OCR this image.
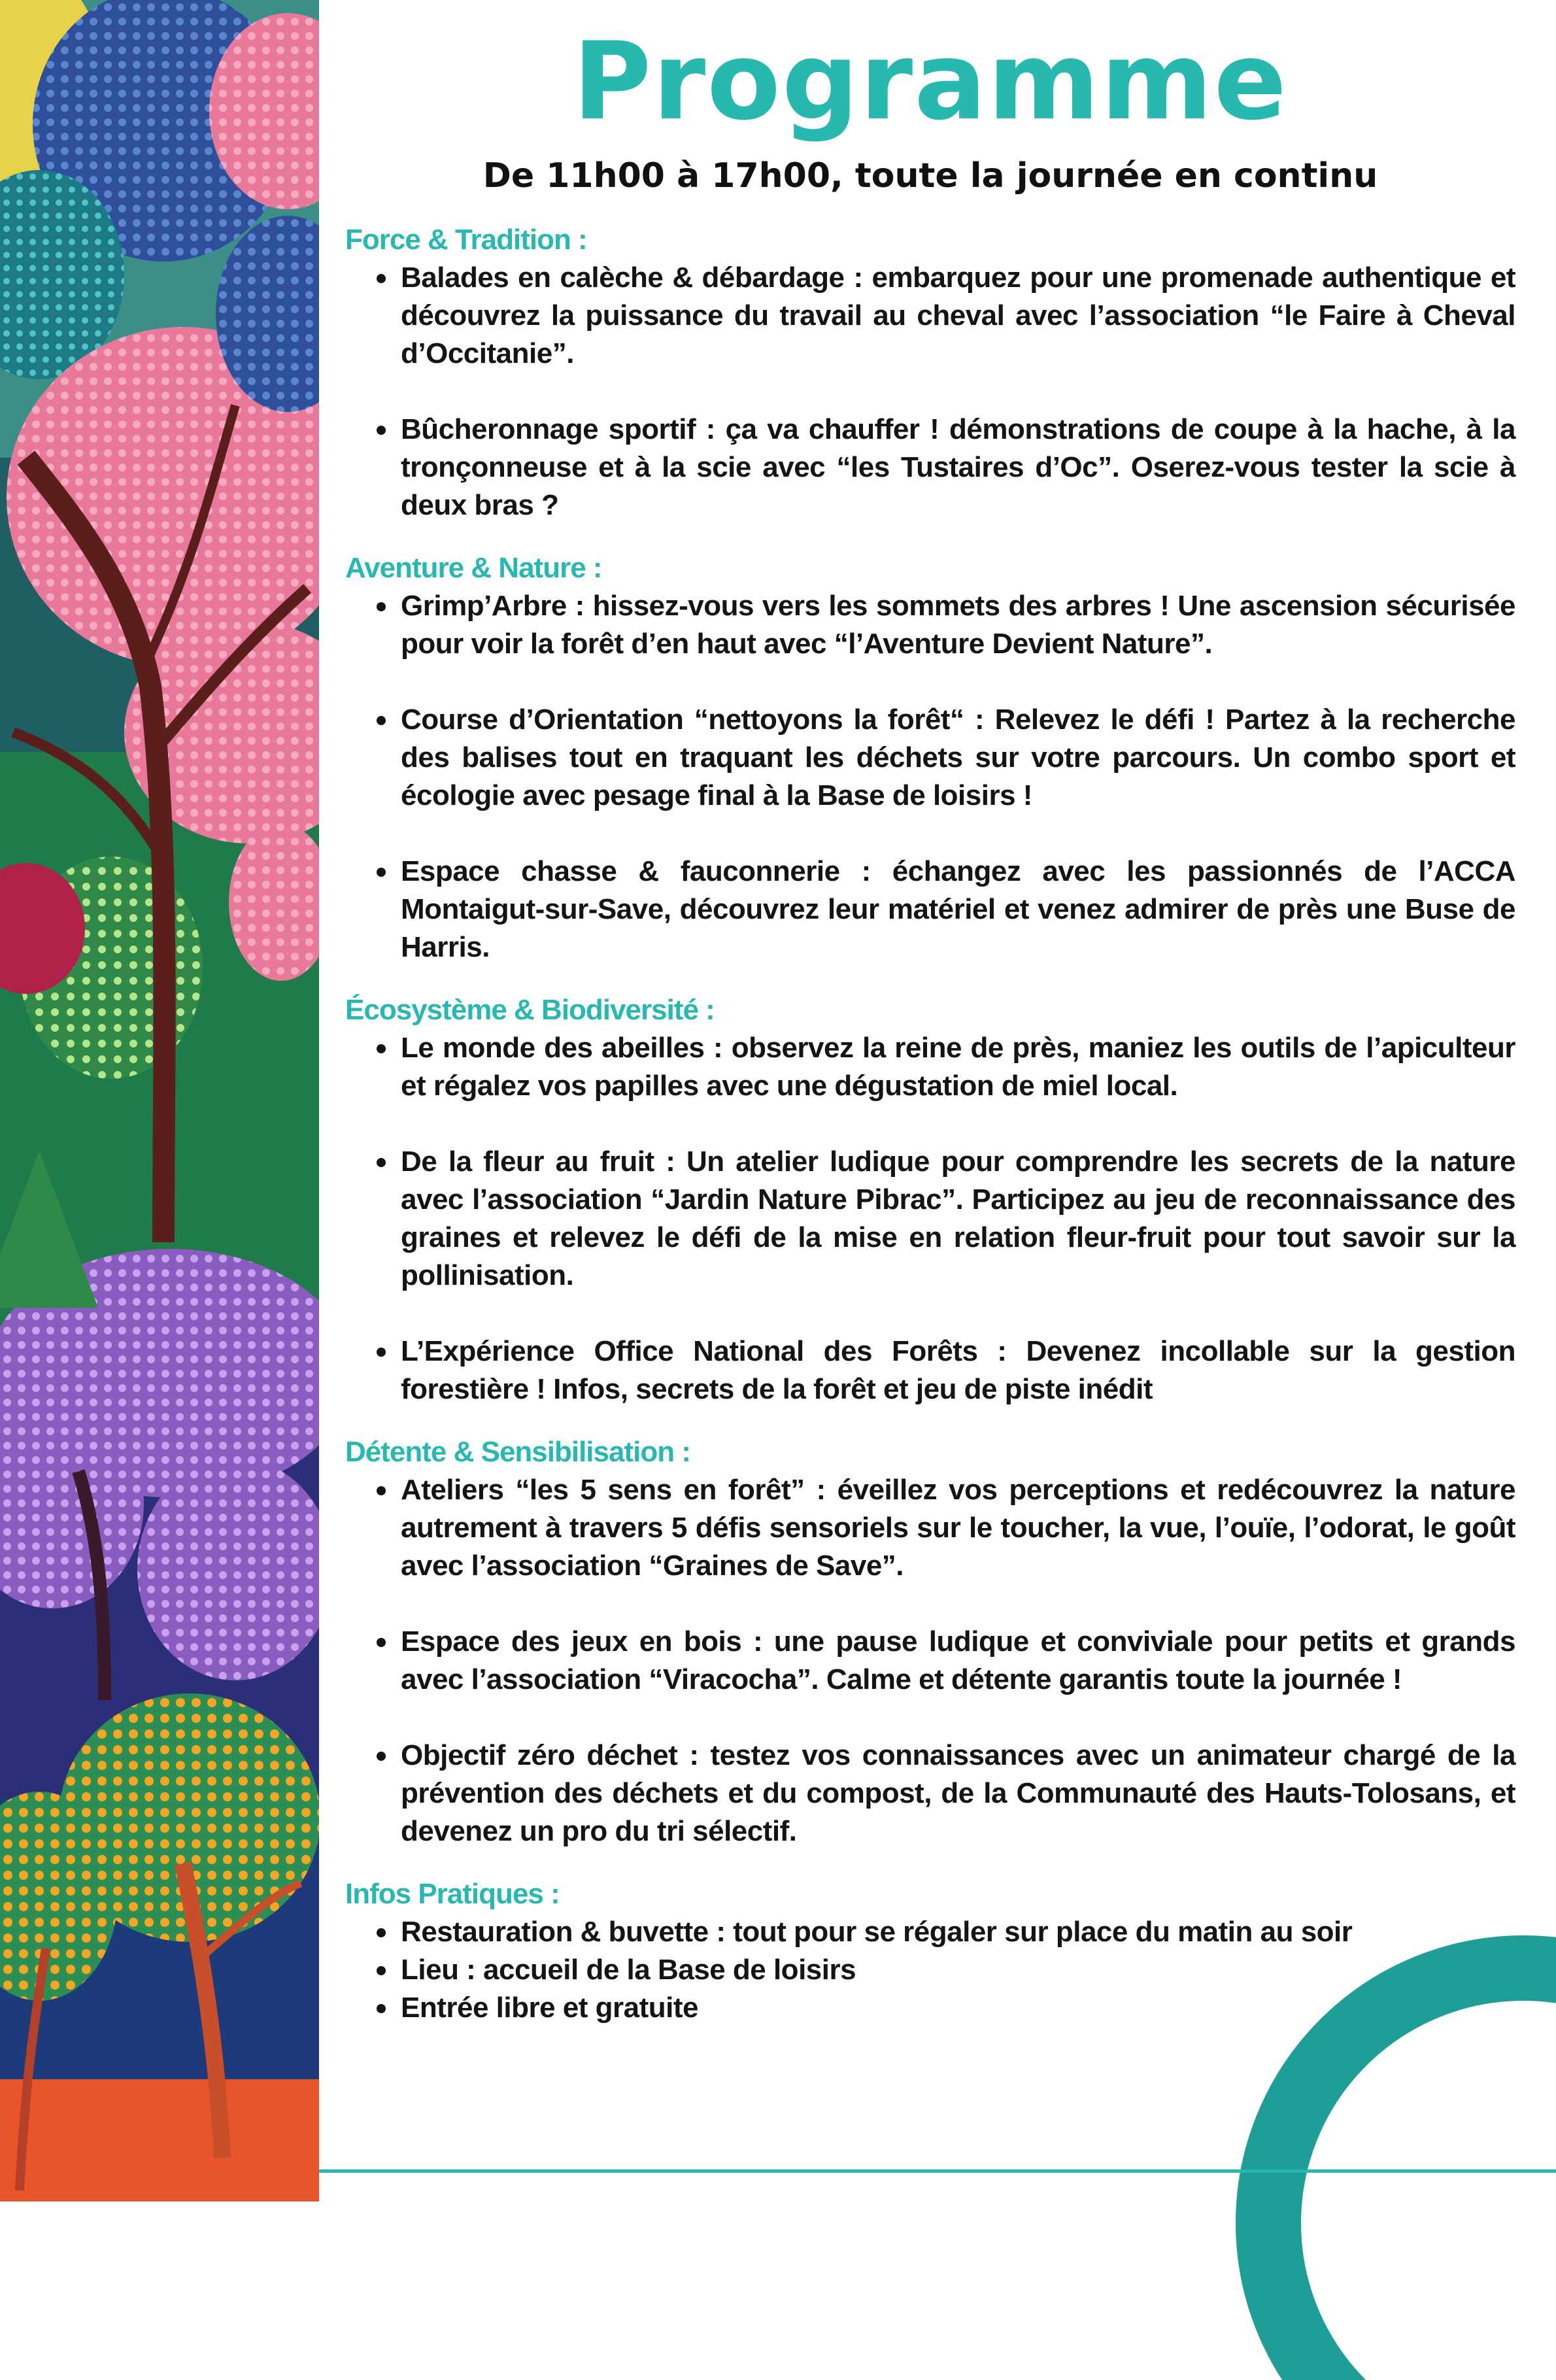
Programme
De 11h00 à 17h00, toute la journée en continu
Force & Tradition :
Balades en calèche & débardage : embarquez pour une promenade authentique et découvrez la puissance du travail au cheval avec l’association “le Faire à Cheval d’Occitanie”.
Bûcheronnage sportif : ça va chauffer ! démonstrations de coupe à la hache, à la tronçonneuse et à la scie avec “les Tustaires d’Oc”. Oserez-vous tester la scie à deux bras ?
Aventure & Nature :
Grimp’Arbre : hissez-vous vers les sommets des arbres ! Une ascension sécurisée pour voir la forêt d’en haut avec “l’Aventure Devient Nature”.
Course d’Orientation “nettoyons la forêt“ : Relevez le défi ! Partez à la recherche des balises tout en traquant les déchets sur votre parcours. Un combo sport et écologie avec pesage final à la Base de loisirs !
Espace chasse & fauconnerie : échangez avec les passionnés de l’ACCA Montaigut-sur-Save, découvrez leur matériel et venez admirer de près une Buse de Harris.
Écosystème & Biodiversité :
Le monde des abeilles : observez la reine de près, maniez les outils de l’apiculteur et régalez vos papilles avec une dégustation de miel local.
De la fleur au fruit : Un atelier ludique pour comprendre les secrets de la nature avec l’association “Jardin Nature Pibrac”. Participez au jeu de reconnaissance des graines et relevez le défi de la mise en relation fleur-fruit pour tout savoir sur la pollinisation.
L’Expérience Office National des Forêts : Devenez incollable sur la gestion forestière ! Infos, secrets de la forêt et jeu de piste inédit
Détente & Sensibilisation :
Ateliers “les 5 sens en forêt” : éveillez vos perceptions et redécouvrez la nature autrement à travers 5 défis sensoriels sur le toucher, la vue, l’ouïe, l’odorat, le goût avec l’association “Graines de Save”.
Espace des jeux en bois : une pause ludique et conviviale pour petits et grands avec l’association “Viracocha”. Calme et détente garantis toute la journée !
Objectif zéro déchet : testez vos connaissances avec un animateur chargé de la prévention des déchets et du compost, de la Communauté des Hauts-Tolosans, et devenez un pro du tri sélectif.
Infos Pratiques :
Restauration & buvette : tout pour se régaler sur place du matin au soir
Lieu : accueil de la Base de loisirs
Entrée libre et gratuite
